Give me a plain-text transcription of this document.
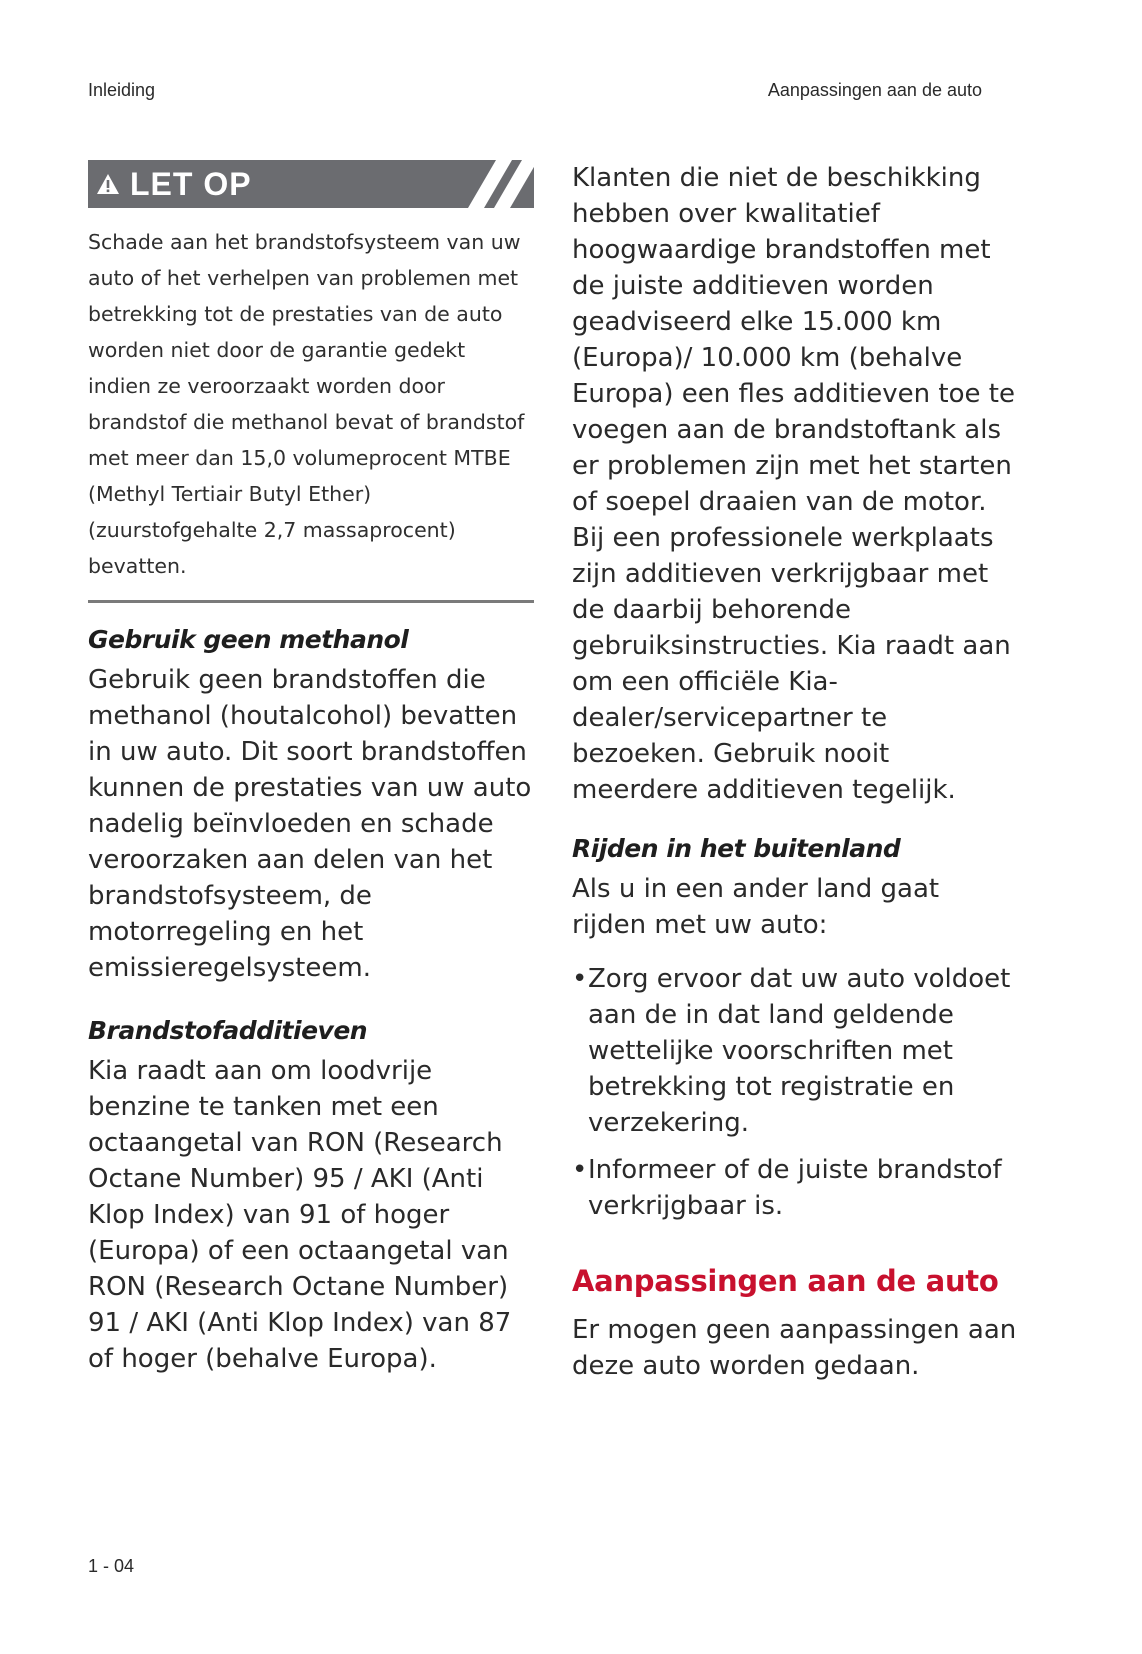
Inleiding	Aanpassingen aan de auto
LET OP
Schade aan het brandstofsysteem van uw auto of het verhelpen van problemen met betrekking tot de prestaties van de auto worden niet door de garantie gedekt indien ze veroorzaakt worden door brandstof die methanol bevat of brandstof met meer dan 15,0 volumeprocent MTBE (Methyl Tertiair Butyl Ether) (zuurstofgehalte 2,7 massaprocent) bevatten.
Gebruik geen methanol
Gebruik geen brandstoffen die methanol (houtalcohol) bevatten in uw auto. Dit soort brandstoffen kunnen de prestaties van uw auto nadelig beïnvloeden en schade veroorzaken aan delen van het brandstofsysteem, de motorregeling en het emissieregelsysteem.
Brandstofadditieven
Kia raadt aan om loodvrije benzine te tanken met een octaangetal van RON (Research Octane Number) 95 / AKI (Anti Klop Index) van 91 of hoger (Europa) of een octaangetal van RON (Research Octane Number) 91 / AKI (Anti Klop Index) van 87 of hoger (behalve Europa).
Klanten die niet de beschikking hebben over kwalitatief hoogwaardige brandstoffen met de juiste additieven worden geadviseerd elke 15.000 km (Europa)/ 10.000 km (behalve Europa) een fles additieven toe te voegen aan de brandstoftank als er problemen zijn met het starten of soepel draaien van de motor. Bij een professionele werkplaats zijn additieven verkrijgbaar met de daarbij behorende gebruiksinstructies. Kia raadt aan om een officiële Kia-dealer/servicepartner te bezoeken. Gebruik nooit meerdere additieven tegelijk.
Rijden in het buitenland
Als u in een ander land gaat rijden met uw auto:
• Zorg ervoor dat uw auto voldoet aan de in dat land geldende wettelijke voorschriften met betrekking tot registratie en verzekering.
• Informeer of de juiste brandstof verkrijgbaar is.
Aanpassingen aan de auto
Er mogen geen aanpassingen aan deze auto worden gedaan.
1 - 04
